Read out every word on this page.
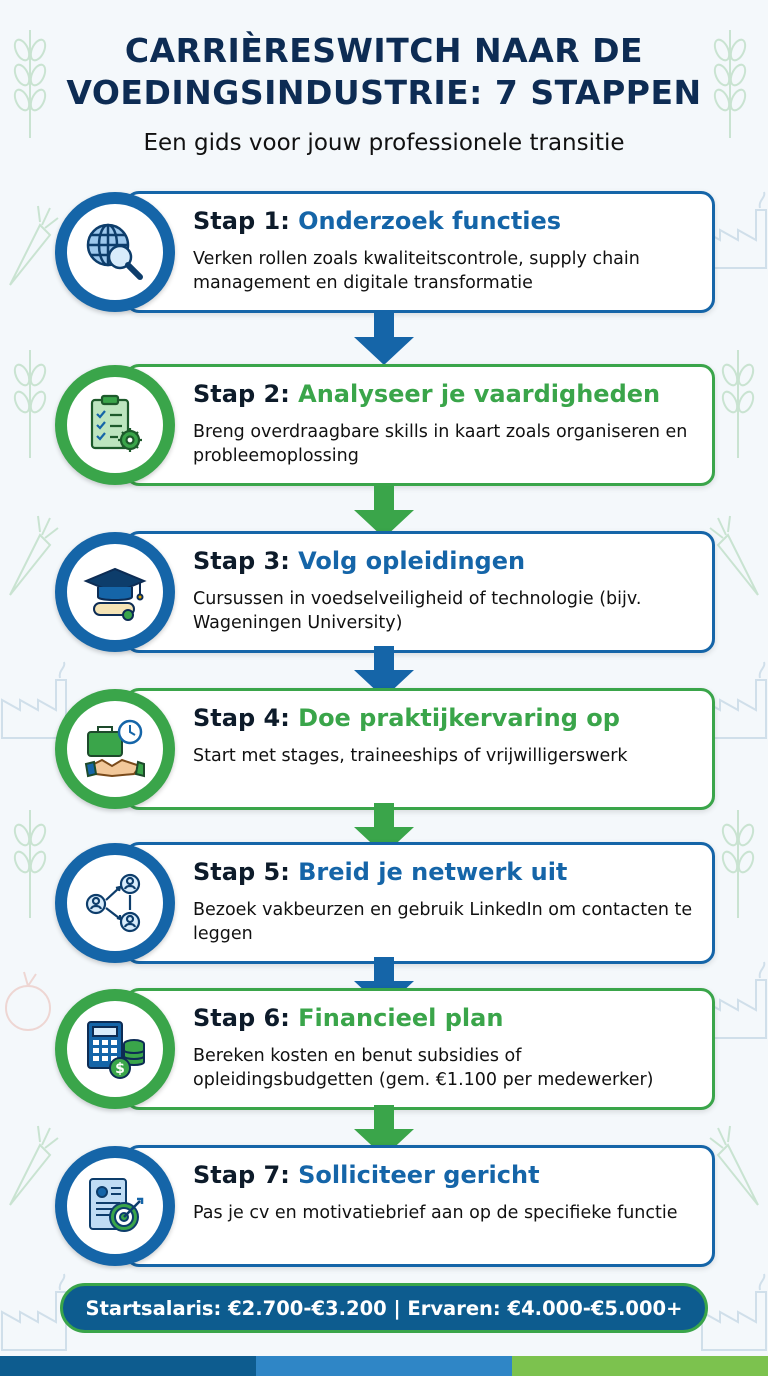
CARRIÈRESWITCH NAAR DE
VOEDINGSINDUSTRIE: 7 STAPPEN
Een gids voor jouw professionele transitie
Stap 1: Onderzoek functies
Verken rollen zoals kwaliteitscontrole, supply chain management en digitale transformatie
Stap 2: Analyseer je vaardigheden
Breng overdraagbare skills in kaart zoals organiseren en probleemoplossing
Stap 3: Volg opleidingen
Cursussen in voedselveiligheid of technologie (bijv. Wageningen University)
Stap 4: Doe praktijkervaring op
Start met stages, traineeships of vrijwilligerswerk
Stap 5: Breid je netwerk uit
Bezoek vakbeurzen en gebruik LinkedIn om contacten te leggen
$
Stap 6: Financieel plan
Bereken kosten en benut subsidies of opleidingsbudgetten (gem. €1.100 per medewerker)
Stap 7: Solliciteer gericht
Pas je cv en motivatiebrief aan op de specifieke functie
Startsalaris: €2.700-€3.200 | Ervaren: €4.000-€5.000+
